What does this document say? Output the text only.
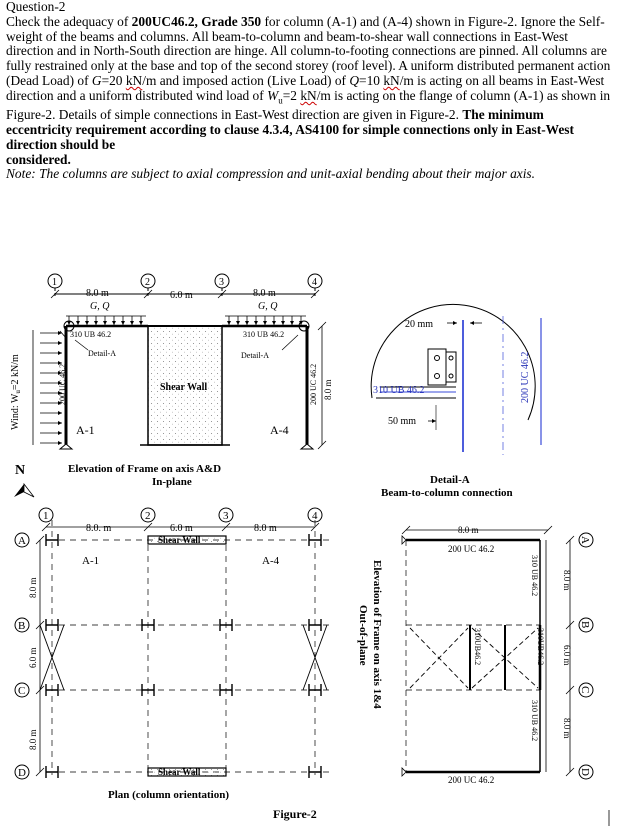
Question-2

Check the adequacy of 200UC46.2, Grade 350 for column (A-1) and (A-4) shown in Figure-2. Ignore the Self-weight of the beams and columns. All beam-to-column and beam-to-shear wall connections in East-West direction and in North-South direction are hinge. All column-to-footing connections are pinned. All columns are fully restrained only at the base and top of the second storey (roof level). A uniform distributed permanent action (Dead Load) of G=20 kN/m and imposed action (Live Load) of Q=10 kN/m is acting on all beams in East-West direction and a uniform distributed wind load of $W_u=2$ kN/m is acting on the flange of column (A-1) as shown in Figure-2. Details of simple connections in East-West direction are given in Figure-2. The minimum eccentricity requirement according to clause 4.3.4, AS4100 for simple connections only in East-West direction should be

considered.

Note: The columns are subject to axial compression and unit-axial bending about their major axis.

1	2	3	4
8.0 m	6.0 m	8.0 m
G, Q	G, Q
310 UB 46.2	310 UB 46.2
Detail-A	Detail-A
200 UC 46.2	200 UC 46.2
Shear Wall	8.0 m
Wind: $W_u=2$ kN/m
A-1	A-4
Elevation of Frame on axis A&D
In-plane
20 mm
50 mm
310 UB 46.2	200 UC 46.2
Detail-A
Beam-to-column connection
N
1	2	3	4
A
B
C
D
8.0. m	6.0 m	8.0 m
Shear Wall
Shear Wall
A-1	A-4
8.0 m
6.0 m
8.0 m
Plan (column orientation)
8.0 m
200 UC 46.2
200 UC 46.2
310 UB 46.2
310UB46.2	310UB46.2
310 UB 46.2
A
B
C
D
8.0 m
6.0 m
8.0 m
Elevation of Frame on axis 1&4
Out-of-plane
Figure-2
